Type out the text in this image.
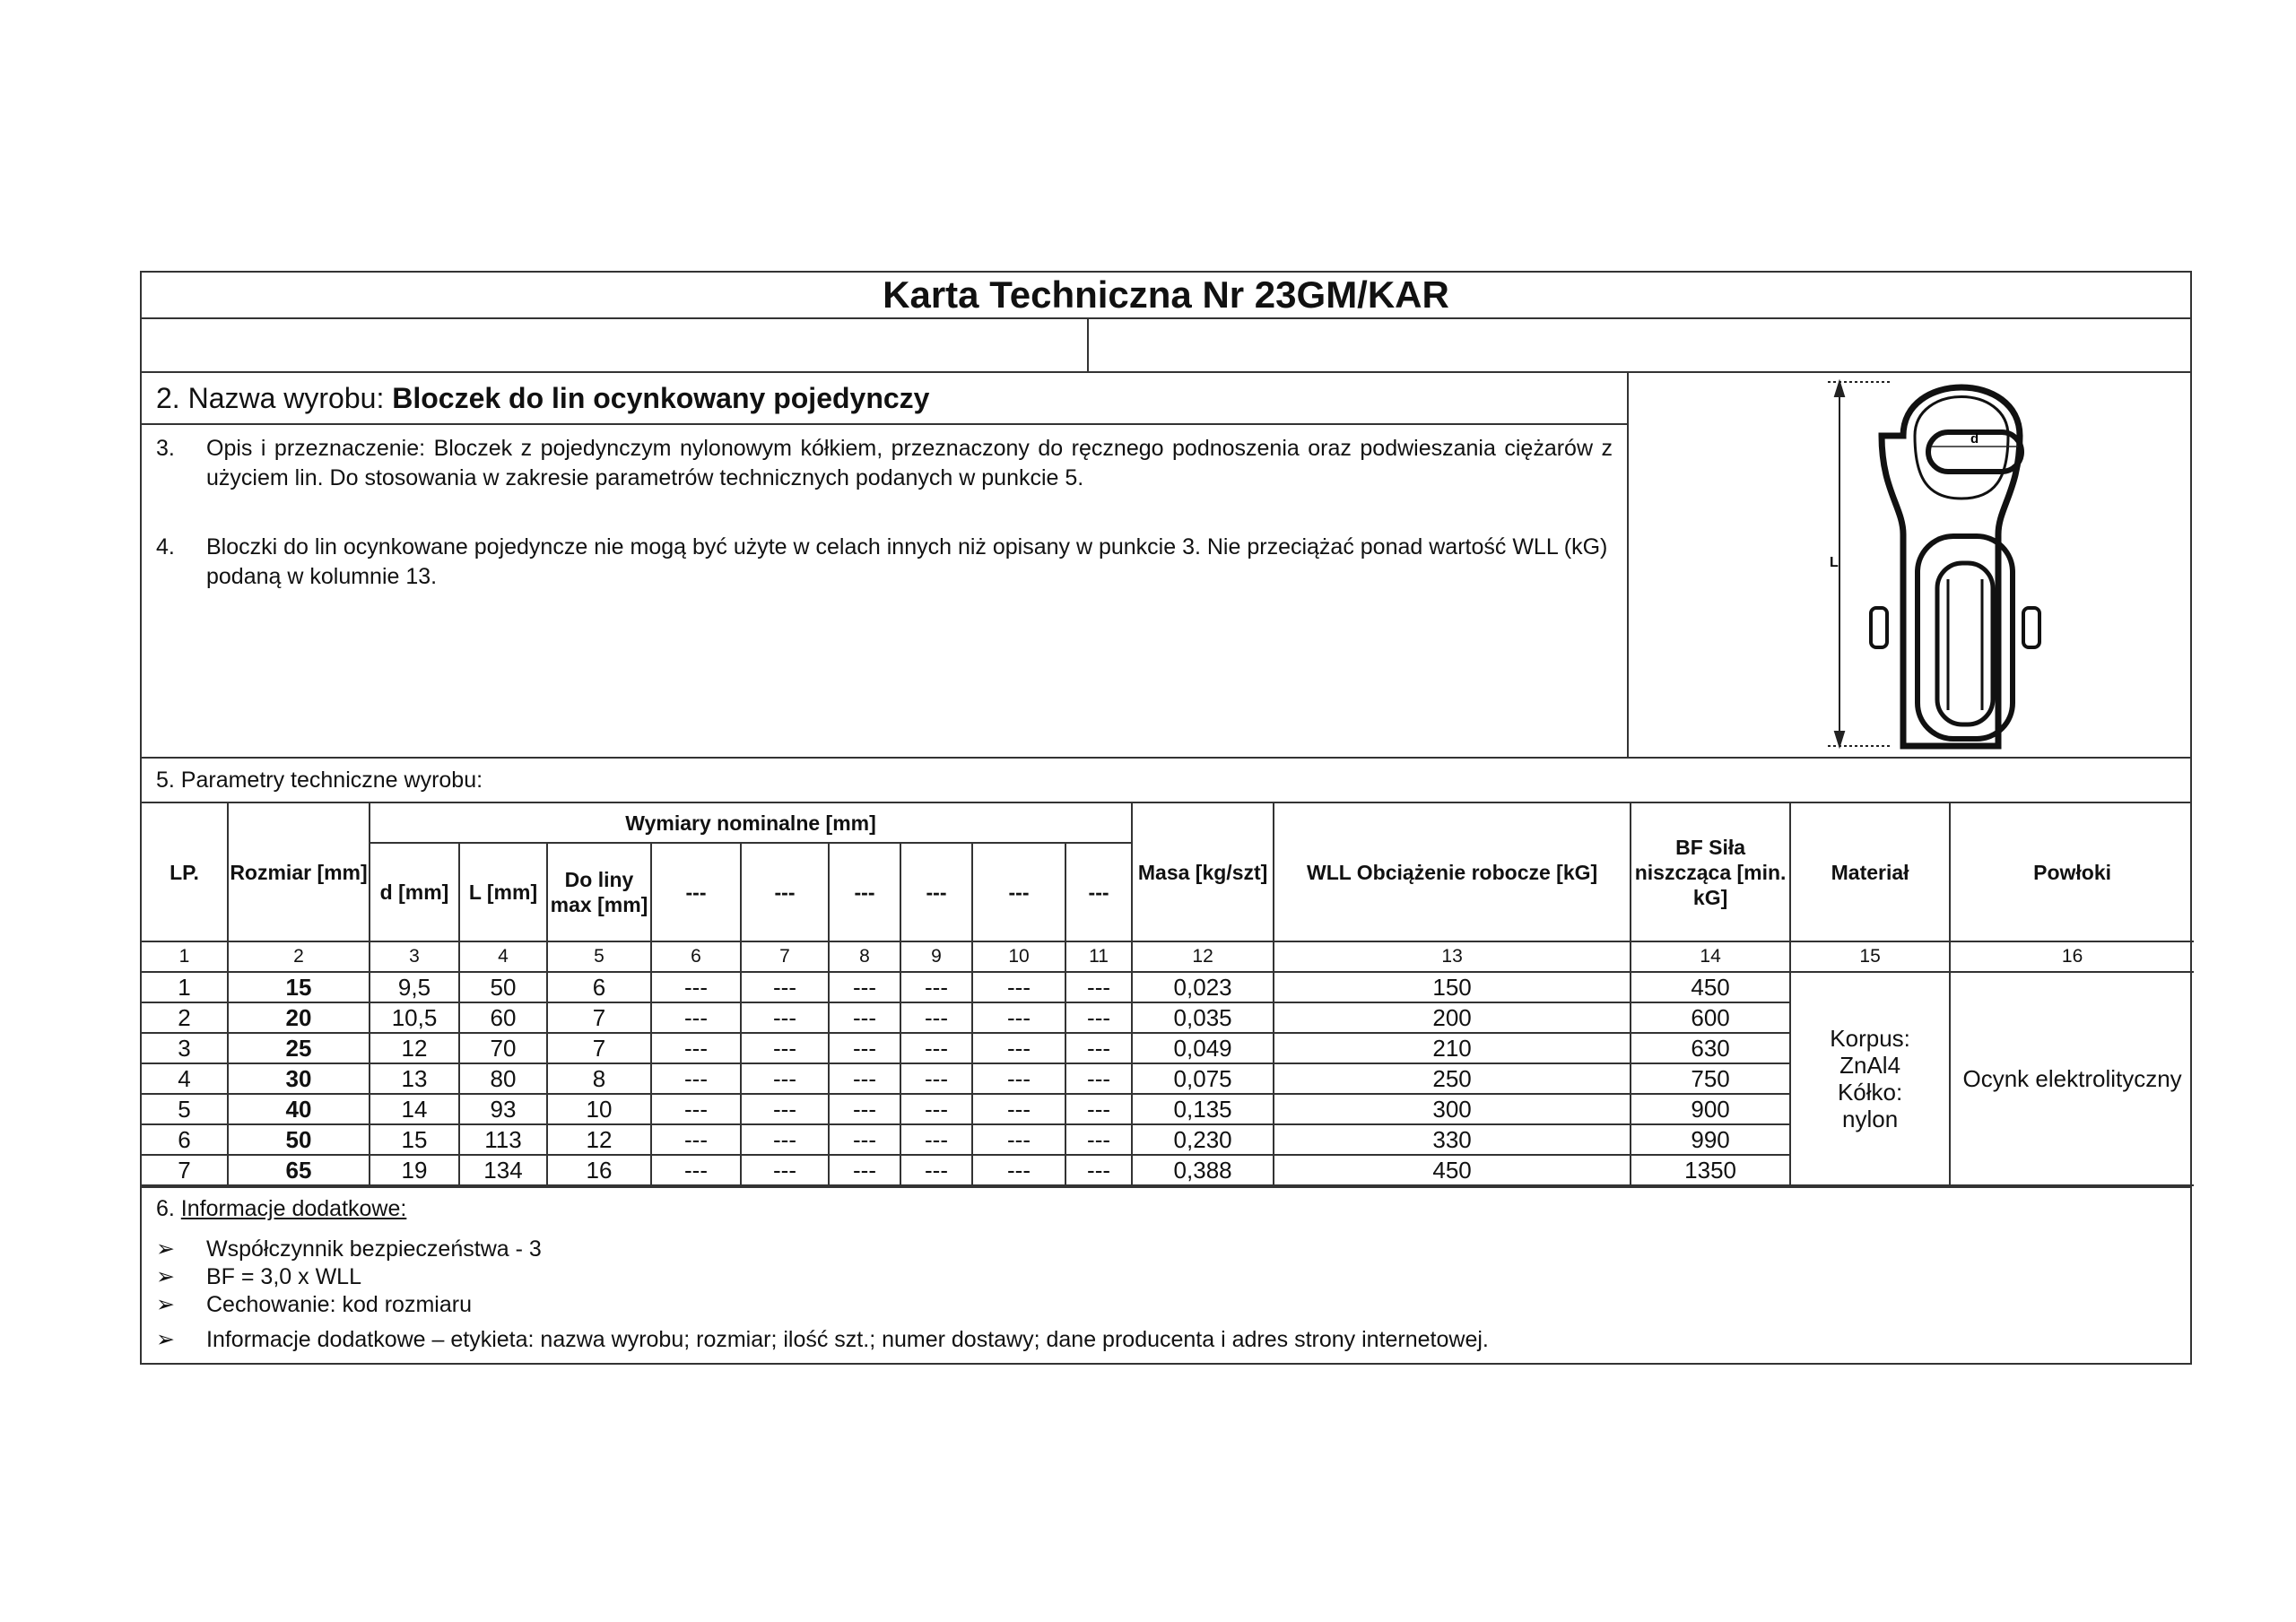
Karta Techniczna Nr 23GM/KAR
2. Nazwa wyrobu: Bloczek do lin ocynkowany pojedynczy
3.	Opis i przeznaczenie: Bloczek z pojedynczym nylonowym kółkiem, przeznaczony do ręcznego podnoszenia oraz podwieszania ciężarów z użyciem lin. Do stosowania w zakresie parametrów technicznych podanych w punkcie 5.
4.	Bloczki do lin ocynkowane pojedyncze nie mogą być użyte w celach innych niż opisany w punkcie 3. Nie przeciążać ponad wartość WLL (kG) podaną w kolumnie 13.
L
d
5. Parametry techniczne wyrobu:
LP.	Rozmiar [mm]	Wymiary nominalne [mm]									Masa [kg/szt]	WLL Obciążenie robocze [kG]	BF Siła niszcząca [min. kG]	Materiał	Powłoki
		d [mm]	L [mm]	Do liny max [mm]	---	---	---	---	---	---					
1	2	3	4	5	6	7	8	9	10	11	12	13	14	15	16
1	15	9,5	50	6	---	---	---	---	---	---	0,023	150	450	Korpus:
ZnAl4
Kółko:
nylon	Ocynk elektrolityczny
2	20	10,5	60	7	---	---	---	---	---	---	0,035	200	600		
3	25	12	70	7	---	---	---	---	---	---	0,049	210	630		
4	30	13	80	8	---	---	---	---	---	---	0,075	250	750		
5	40	14	93	10	---	---	---	---	---	---	0,135	300	900		
6	50	15	113	12	---	---	---	---	---	---	0,230	330	990		
7	65	19	134	16	---	---	---	---	---	---	0,388	450	1350		
6. Informacje dodatkowe:
➢	Współczynnik bezpieczeństwa - 3
➢	BF = 3,0 x WLL
➢	Cechowanie: kod rozmiaru
➢	Informacje dodatkowe – etykieta: nazwa wyrobu; rozmiar; ilość szt.; numer dostawy; dane producenta i adres strony internetowej.
